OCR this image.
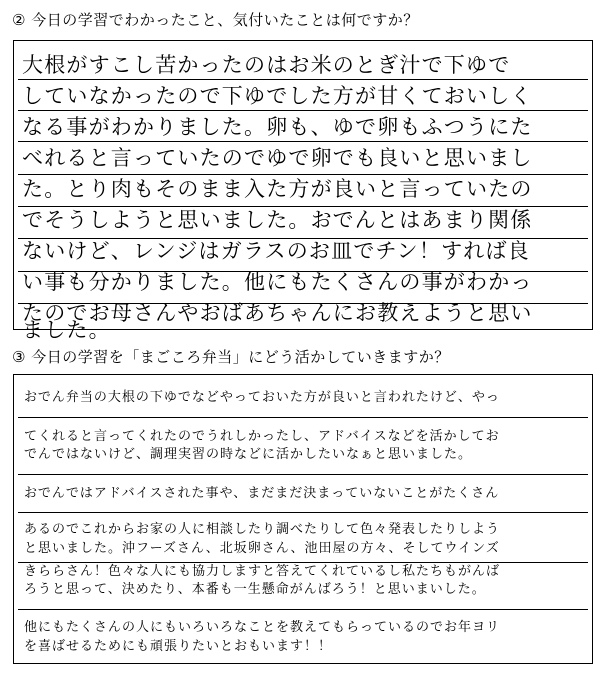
② 今日の学習でわかったこと、気付いたことは何ですか？
大根がすこし苦かったのはお米のとぎ汁で下ゆで
していなかったので下ゆでした方が甘くておいしく
なる事がわかりました。卵も、ゆで卵もふつうにた
べれると言っていたのでゆで卵でも良いと思いまし
た。とり肉もそのまま入た方が良いと言っていたの
でそうしようと思いました。おでんとはあまり関係
ないけど、レンジはガラスのお皿でチン！すれば良
い事も分かりました。他にもたくさんの事がわかっ
たのでお母さんやおばあちゃんにお教えようと思い
ました。
③ 今日の学習を「まごころ弁当」にどう活かしていきますか？
おでん弁当の大根の下ゆでなどやっておいた方が良いと言われたけど、やっ
てくれると言ってくれたのでうれしかったし、アドバイスなどを活かしてお
でんではないけど、調理実習の時などに活かしたいなぁと思いました。
おでんではアドバイスされた事や、まだまだ決まっていないことがたくさん
あるのでこれからお家の人に相談したり調べたりして色々発表したりしよう
と思いました。沖フーズさん、北坂卵さん、池田屋の方々、そしてウインズ
きららさん！色々な人にも協力しますと答えてくれているし私たちもがんば
ろうと思って、決めたり、本番も一生懸命がんばろう！と思いまいした。
他にもたくさんの人にもいろいろなことを教えてもらっているのでお年ヨリ
を喜ばせるためにも頑張りたいとおもいます！！
